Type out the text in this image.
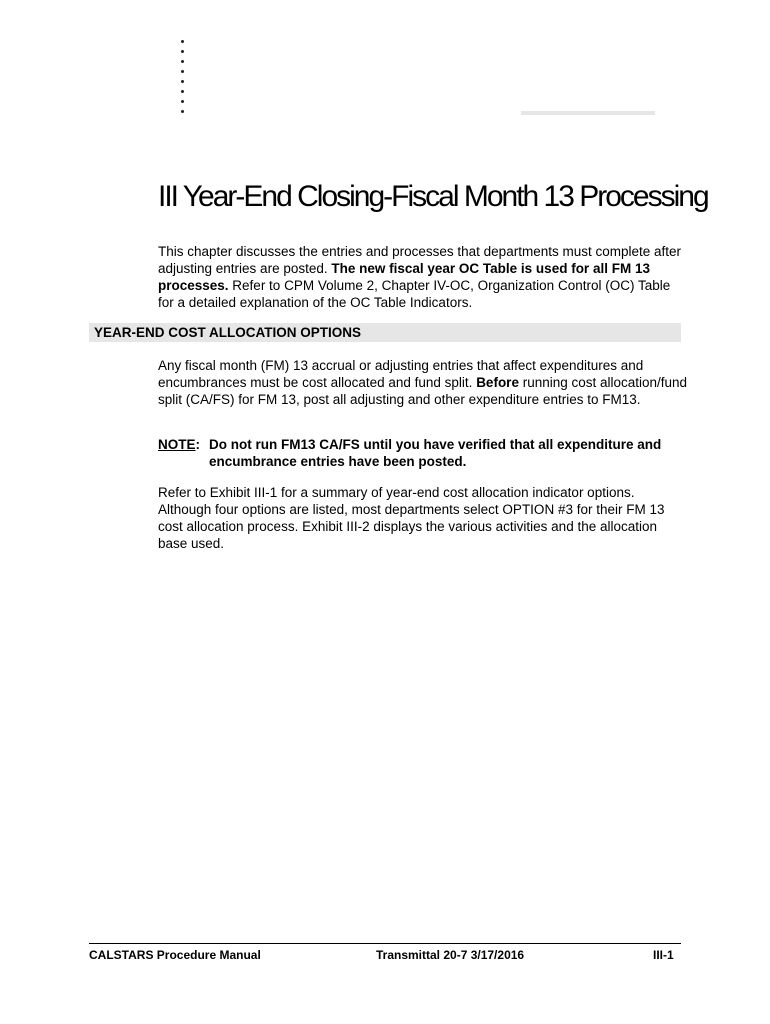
III Year-End Closing-Fiscal Month 13 Processing

This chapter discusses the entries and processes that departments must complete after adjusting entries are posted. The new fiscal year OC Table is used for all FM 13 processes. Refer to CPM Volume 2, Chapter IV-OC, Organization Control (OC) Table for a detailed explanation of the OC Table Indicators.

YEAR-END COST ALLOCATION OPTIONS

Any fiscal month (FM) 13 accrual or adjusting entries that affect expenditures and encumbrances must be cost allocated and fund split. Before running cost allocation/fund split (CA/FS) for FM 13, post all adjusting and other expenditure entries to FM13.

NOTE: Do not run FM13 CA/FS until you have verified that all expenditure and encumbrance entries have been posted.

Refer to Exhibit III-1 for a summary of year-end cost allocation indicator options. Although four options are listed, most departments select OPTION #3 for their FM 13 cost allocation process. Exhibit III-2 displays the various activities and the allocation base used.

CALSTARS Procedure Manual	Transmittal 20-7 3/17/2016	III-1
